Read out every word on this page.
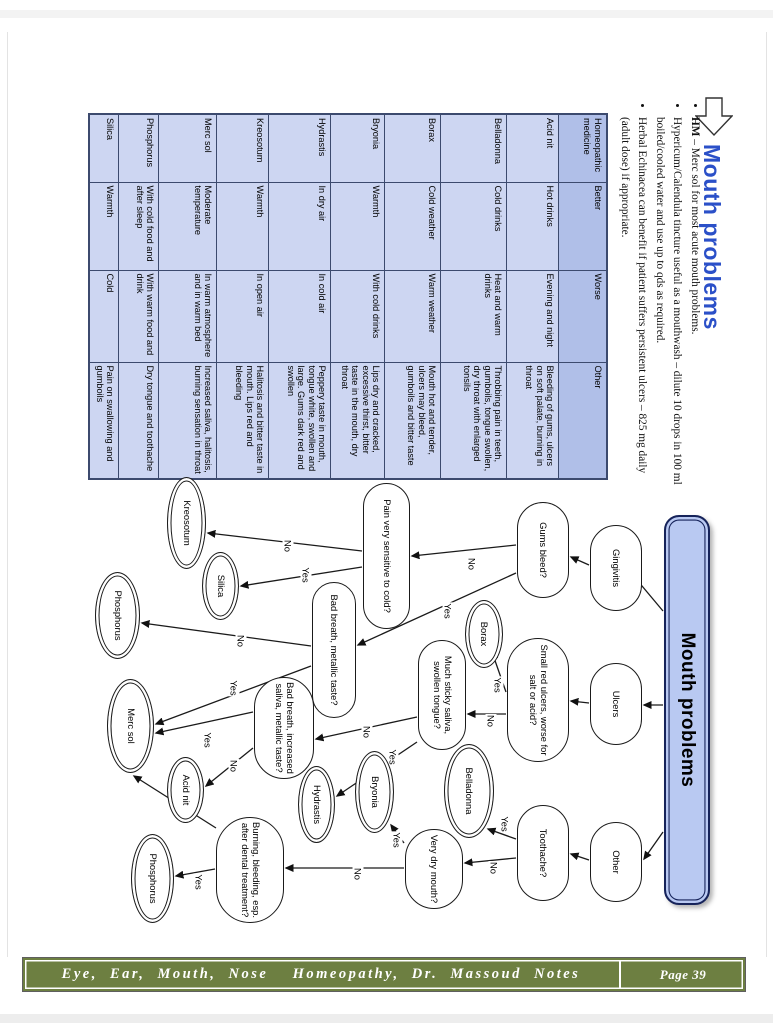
Mouth problems
• HM – Merc sol for most acute mouth problems.
• Hypericum/Calendula tincture useful as a mouthwash – dilute 10 drops in 100 ml boiled/cooled water and use up to qds as required.
• Herbal Echinacea can benefit if patient suffers persistent ulcers – 825 mg daily (adult dose) if appropriate.
Homeopathic medicine	Better	Worse	Other
Acid nit	Hot drinks	Evening and night	Bleeding of gums, ulcers on soft palate, burning in throat
Belladonna	Cold drinks	Heat and warm drinks	Throbbing pain in teeth, gumboils, tongue swollen, dry throat with enlarged tonsils
Borax	Cold weather	Warm weather	Mouth hot and tender, ulcers may bleed, gumboils and bitter taste
Bryonia	Warmth	With cold drinks	Lips dry and cracked, excessive thirst, bitter taste in the mouth, dry throat
Hydrastis	In dry air	In cold air	Peppery taste in mouth, tongue white, swollen and large. Gums dark red and swollen
Kreosotum	Warmth	In open air	Halitosis and bitter taste in mouth. Lips red and bleeding
Merc sol	Moderate temperature	In warm atmosphere and in warm bed	Increased saliva, halitosis, burning sensation in throat
Phosphorus	With cold food and after sleep	With warm food and drink	Dry tongue and toothache
Silica	Warmth	Cold	Pain on swallowing and gumboils
Yes
No
Yes
No
Yes
No
Yes
No
Yes
No
Yes
No
Yes
No
Yes
No
Yes
Mouth problems
Gingivitis
Ulcers
Other
Gums bleed?
Small red ulcers, worse for salt or acid?
Toothache?
Borax
Much sticky saliva, swollen tongue?
Belladonna
Very dry mouth?
Pain very sensitive to cold?
Bad breath, metallic taste?
Bryonia
Hydrastis
Bad breath, increased saliva, metallic taste?
Burning, bleeding, esp. after dental treatment?
Kreosotum
Silica
Phosphorus
Merc sol
Acid nit
Phosphorus
Eye, Ear, Mouth, Nose  Homeopathy, Dr. Massoud Notes	Page 39
